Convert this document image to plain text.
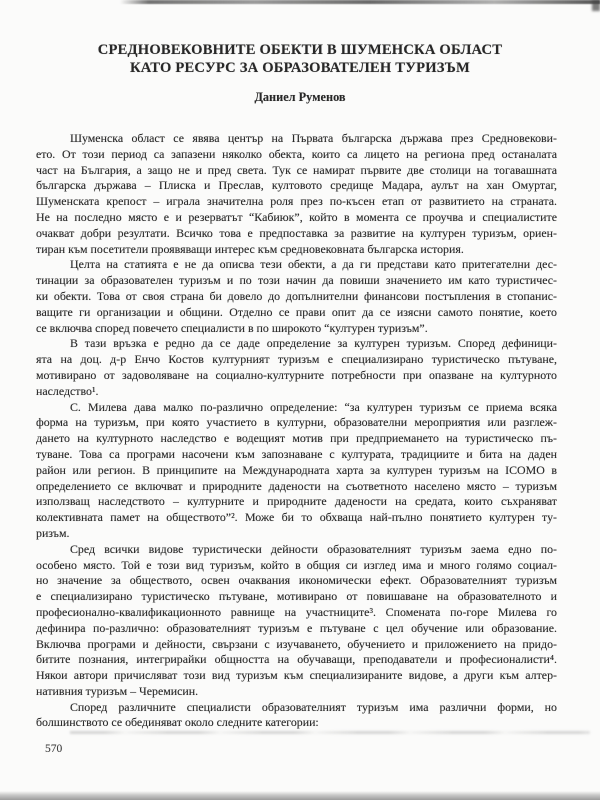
СРЕДНОВЕКОВНИТЕ ОБЕКТИ В ШУМЕНСКА ОБЛАСТ
КАТО РЕСУРС ЗА ОБРАЗОВАТЕЛЕН ТУРИЗЪМ
Даниел Руменов
Шуменска област се явява център на Първата българска държава през Средновекови-
ето. От този период са запазени няколко обекта, които са лицето на региона пред останалата
част на България, а защо не и пред света. Тук се намират първите две столици на тогавашната
българска държава – Плиска и Преслав, култовото средище Мадара, аулът на хан Омуртаг,
Шуменската крепост – играла значителна роля през по-късен етап от развитието на страната.
Не на последно място е и резерватът “Кабиюк”, който в момента се проучва и специалистите
очакват добри резултати. Всичко това е предпоставка за развитие на културен туризъм, ориен-
тиран към посетители проявяващи интерес към средновековната българска история.
Целта на статията е не да описва тези обекти, а да ги представи като притегателни дес-
тинации за образователен туризъм и по този начин да повиши значението им като туристичес-
ки обекти. Това от своя страна би довело до допълнителни финансови постъпления в стопанис-
ващите ги организации и общини. Отделно се прави опит да се изясни самото понятие, което
се включва според повечето специалисти в по широкото “културен туризъм”.
В тази връзка е редно да се даде определение за културен туризъм. Според дефиници-
ята на доц. д-р Енчо Костов културният туризъм е специализирано туристическо пътуване,
мотивирано от задоволяване на социално-културните потребности при опазване на културното
наследство¹.
С. Милева дава малко по-различно определение: “за културен туризъм се приема всяка
форма на туризъм, при която участието в културни, образователни мероприятия или разглеж-
дането на културното наследство е водещият мотив при предприемането на туристическо пъ-
туване. Това са програми насочени към запознаване с културата, традициите и бита на даден
район или регион. В принципите на Международната харта за културен туризъм на ICOMO в
определението се включват и природните дадености на съответното населено място – туризъм
използващ наследството – културните и природните дадености на средата, които съхраняват
колективната памет на обществото”². Може би то обхваща най-пълно понятието културен ту-
ризъм.
Сред всички видове туристически дейности образователният туризъм заема едно по-
особено място. Той е този вид туризъм, който в общия си изглед има и много голямо социал-
но значение за обществото, освен очаквания икономически ефект. Образователният туризъм
е специализирано туристическо пътуване, мотивирано от повишаване на образователното и
професионално-квалификационното равнище на участниците³. Спомената по-горе Милева го
дефинира по-различно: образователният туризъм е пътуване с цел обучение или образование.
Включва програми и дейности, свързани с изучаването, обучението и приложението на придо-
битите познания, интегрирайки общността на обучаващи, преподаватели и професионалисти⁴.
Някои автори причисляват този вид туризъм към специализираните видове, а други към алтер-
нативния туризъм – Черемисин.
Според различните специалисти образователният туризъм има различни форми, но
болшинството се обединяват около следните категории:
570
